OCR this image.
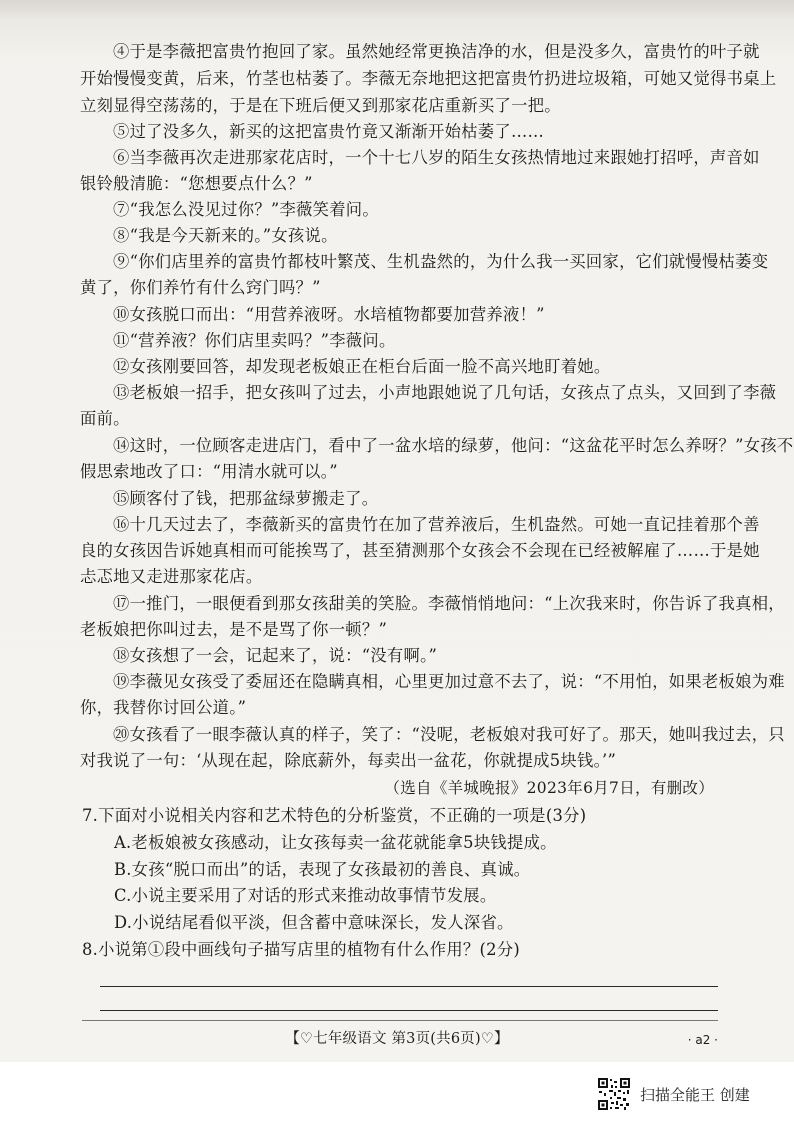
④于是李薇把富贵竹抱回了家。虽然她经常更换洁净的水，但是没多久，富贵竹的叶子就
开始慢慢变黄，后来，竹茎也枯萎了。李薇无奈地把这把富贵竹扔进垃圾箱，可她又觉得书桌上
立刻显得空荡荡的，于是在下班后便又到那家花店重新买了一把。
⑤过了没多久，新买的这把富贵竹竟又渐渐开始枯萎了……
⑥当李薇再次走进那家花店时，一个十七八岁的陌生女孩热情地过来跟她打招呼，声音如
银铃般清脆：“您想要点什么？”
⑦“我怎么没见过你？”李薇笑着问。
⑧“我是今天新来的。”女孩说。
⑨“你们店里养的富贵竹都枝叶繁茂、生机盎然的，为什么我一买回家，它们就慢慢枯萎变
黄了，你们养竹有什么窍门吗？”
⑩女孩脱口而出：“用营养液呀。水培植物都要加营养液！”
⑪“营养液？你们店里卖吗？”李薇问。
⑫女孩刚要回答，却发现老板娘正在柜台后面一脸不高兴地盯着她。
⑬老板娘一招手，把女孩叫了过去，小声地跟她说了几句话，女孩点了点头，又回到了李薇
面前。
⑭这时，一位顾客走进店门，看中了一盆水培的绿萝，他问：“这盆花平时怎么养呀？”女孩不
假思索地改了口：“用清水就可以。”
⑮顾客付了钱，把那盆绿萝搬走了。
⑯十几天过去了，李薇新买的富贵竹在加了营养液后，生机盎然。可她一直记挂着那个善
良的女孩因告诉她真相而可能挨骂了，甚至猜测那个女孩会不会现在已经被解雇了……于是她
忐忑地又走进那家花店。
⑰一推门，一眼便看到那女孩甜美的笑脸。李薇悄悄地问：“上次我来时，你告诉了我真相，
老板娘把你叫过去，是不是骂了你一顿？”
⑱女孩想了一会，记起来了，说：“没有啊。”
⑲李薇见女孩受了委屈还在隐瞒真相，心里更加过意不去了，说：“不用怕，如果老板娘为难
你，我替你讨回公道。”
⑳女孩看了一眼李薇认真的样子，笑了：“没呢，老板娘对我可好了。那天，她叫我过去，只
对我说了一句：‘从现在起，除底薪外，每卖出一盆花，你就提成5块钱。’”
（选自《羊城晚报》2023年6月7日，有删改）
7.下面对小说相关内容和艺术特色的分析鉴赏，不正确的一项是(3分)
A.老板娘被女孩感动，让女孩每卖一盆花就能拿5块钱提成。
B.女孩“脱口而出”的话，表现了女孩最初的善良、真诚。
C.小说主要采用了对话的形式来推动故事情节发展。
D.小说结尾看似平淡，但含蓄中意味深长，发人深省。
8.小说第①段中画线句子描写店里的植物有什么作用？(2分)
【♡七年级语文 第3页(共6页)♡】	· a2 ·
扫描全能王 创建
